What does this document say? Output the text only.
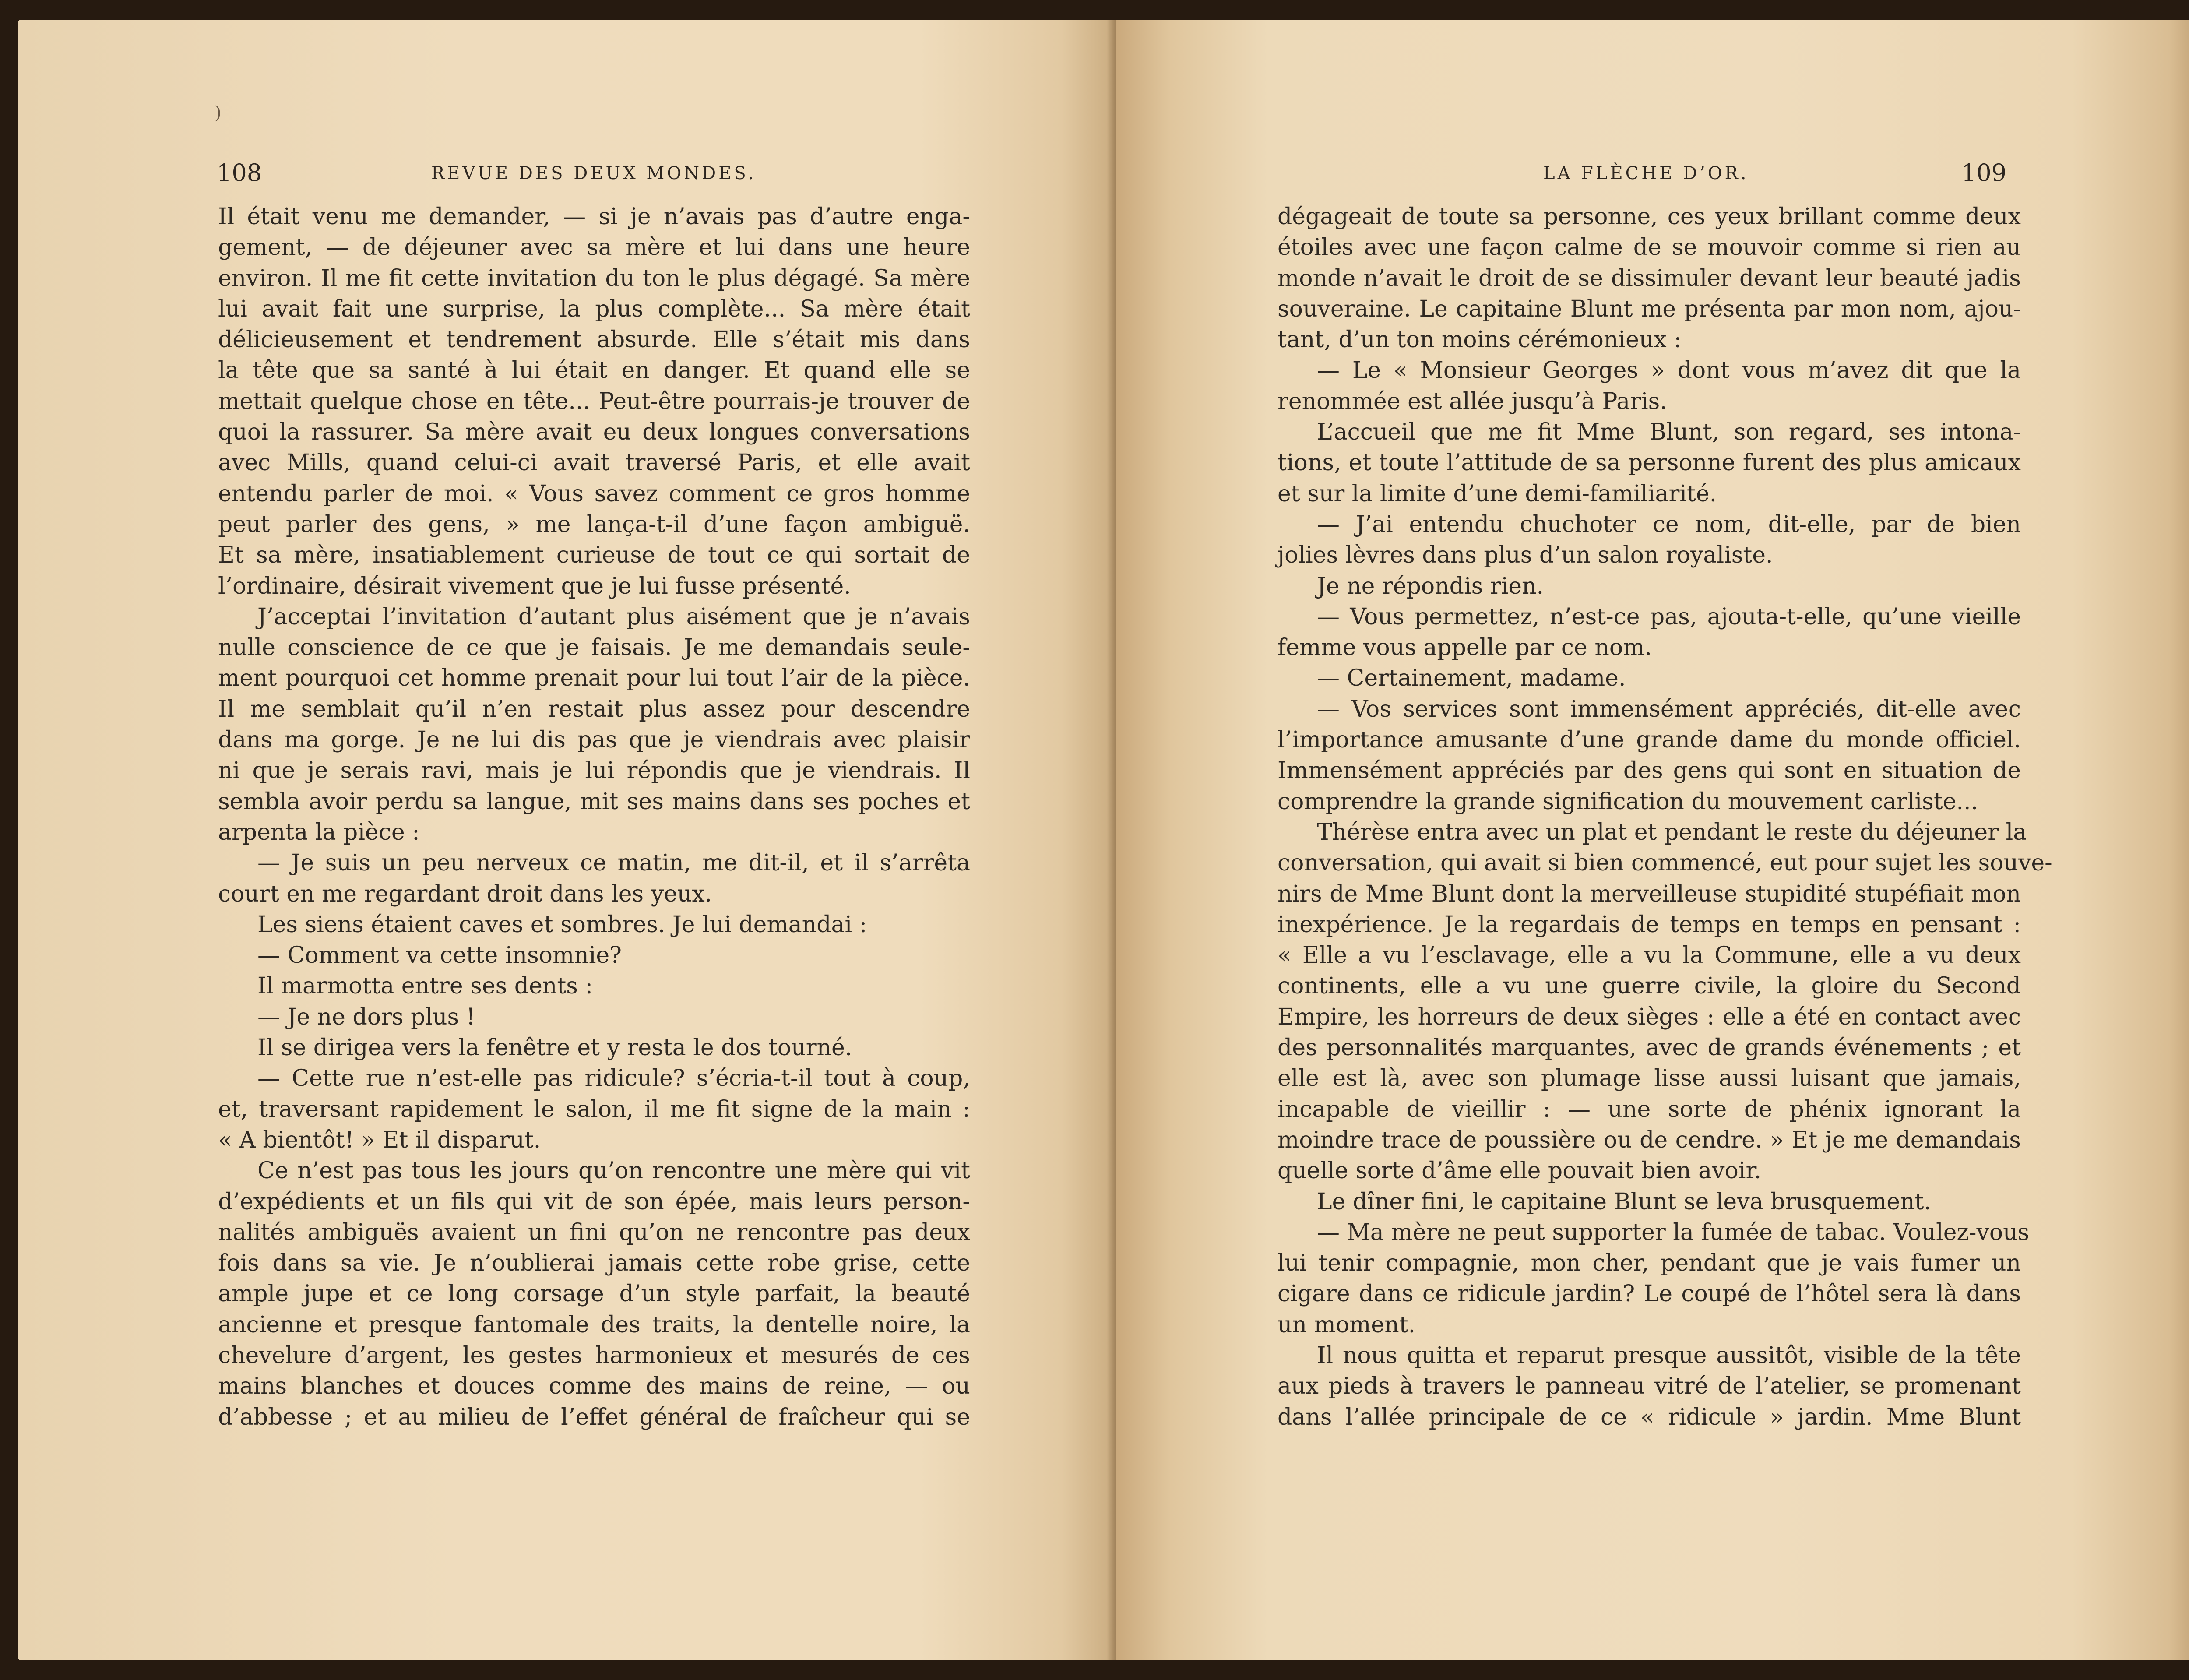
)
108	REVUE DES DEUX MONDES.
Il était venu me demander, — si je n’avais pas d’autre enga-
gement, — de déjeuner avec sa mère et lui dans une heure
environ. Il me fit cette invitation du ton le plus dégagé. Sa mère
lui avait fait une surprise, la plus complète... Sa mère était
délicieusement et tendrement absurde. Elle s’était mis dans
la tête que sa santé à lui était en danger. Et quand elle se
mettait quelque chose en tête... Peut-être pourrais-je trouver de
quoi la rassurer. Sa mère avait eu deux longues conversations
avec Mills, quand celui-ci avait traversé Paris, et elle avait
entendu parler de moi. « Vous savez comment ce gros homme
peut parler des gens, » me lança-t-il d’une façon ambiguë.
Et sa mère, insatiablement curieuse de tout ce qui sortait de
l’ordinaire, désirait vivement que je lui fusse présenté.
J’acceptai l’invitation d’autant plus aisément que je n’avais
nulle conscience de ce que je faisais. Je me demandais seule-
ment pourquoi cet homme prenait pour lui tout l’air de la pièce.
Il me semblait qu’il n’en restait plus assez pour descendre
dans ma gorge. Je ne lui dis pas que je viendrais avec plaisir
ni que je serais ravi, mais je lui répondis que je viendrais. Il
sembla avoir perdu sa langue, mit ses mains dans ses poches et
arpenta la pièce :
— Je suis un peu nerveux ce matin, me dit-il, et il s’arrêta
court en me regardant droit dans les yeux.
Les siens étaient caves et sombres. Je lui demandai :
— Comment va cette insomnie?
Il marmotta entre ses dents :
— Je ne dors plus !
Il se dirigea vers la fenêtre et y resta le dos tourné.
— Cette rue n’est-elle pas ridicule? s’écria-t-il tout à coup,
et, traversant rapidement le salon, il me fit signe de la main :
« A bientôt! » Et il disparut.
Ce n’est pas tous les jours qu’on rencontre une mère qui vit
d’expédients et un fils qui vit de son épée, mais leurs person-
nalités ambiguës avaient un fini qu’on ne rencontre pas deux
fois dans sa vie. Je n’oublierai jamais cette robe grise, cette
ample jupe et ce long corsage d’un style parfait, la beauté
ancienne et presque fantomale des traits, la dentelle noire, la
chevelure d’argent, les gestes harmonieux et mesurés de ces
mains blanches et douces comme des mains de reine, — ou
d’abbesse ; et au milieu de l’effet général de fraîcheur qui se
109
LA FLÈCHE D’OR.
dégageait de toute sa personne, ces yeux brillant comme deux
étoiles avec une façon calme de se mouvoir comme si rien au
monde n’avait le droit de se dissimuler devant leur beauté jadis
souveraine. Le capitaine Blunt me présenta par mon nom, ajou-
tant, d’un ton moins cérémonieux :
— Le « Monsieur Georges » dont vous m’avez dit que la
renommée est allée jusqu’à Paris.
L’accueil que me fit Mme Blunt, son regard, ses intona-
tions, et toute l’attitude de sa personne furent des plus amicaux
et sur la limite d’une demi-familiarité.
— J’ai entendu chuchoter ce nom, dit-elle, par de bien
jolies lèvres dans plus d’un salon royaliste.
Je ne répondis rien.
— Vous permettez, n’est-ce pas, ajouta-t-elle, qu’une vieille
femme vous appelle par ce nom.
— Certainement, madame.
— Vos services sont immensément appréciés, dit-elle avec
l’importance amusante d’une grande dame du monde officiel.
Immensément appréciés par des gens qui sont en situation de
comprendre la grande signification du mouvement carliste...
Thérèse entra avec un plat et pendant le reste du déjeuner la
conversation, qui avait si bien commencé, eut pour sujet les souve-
nirs de Mme Blunt dont la merveilleuse stupidité stupéfiait mon
inexpérience. Je la regardais de temps en temps en pensant :
« Elle a vu l’esclavage, elle a vu la Commune, elle a vu deux
continents, elle a vu une guerre civile, la gloire du Second
Empire, les horreurs de deux sièges : elle a été en contact avec
des personnalités marquantes, avec de grands événements ; et
elle est là, avec son plumage lisse aussi luisant que jamais,
incapable de vieillir : — une sorte de phénix ignorant la
moindre trace de poussière ou de cendre. » Et je me demandais
quelle sorte d’âme elle pouvait bien avoir.
Le dîner fini, le capitaine Blunt se leva brusquement.
— Ma mère ne peut supporter la fumée de tabac. Voulez-vous
lui tenir compagnie, mon cher, pendant que je vais fumer un
cigare dans ce ridicule jardin? Le coupé de l’hôtel sera là dans
un moment.
Il nous quitta et reparut presque aussitôt, visible de la tête
aux pieds à travers le panneau vitré de l’atelier, se promenant
dans l’allée principale de ce « ridicule » jardin. Mme Blunt
